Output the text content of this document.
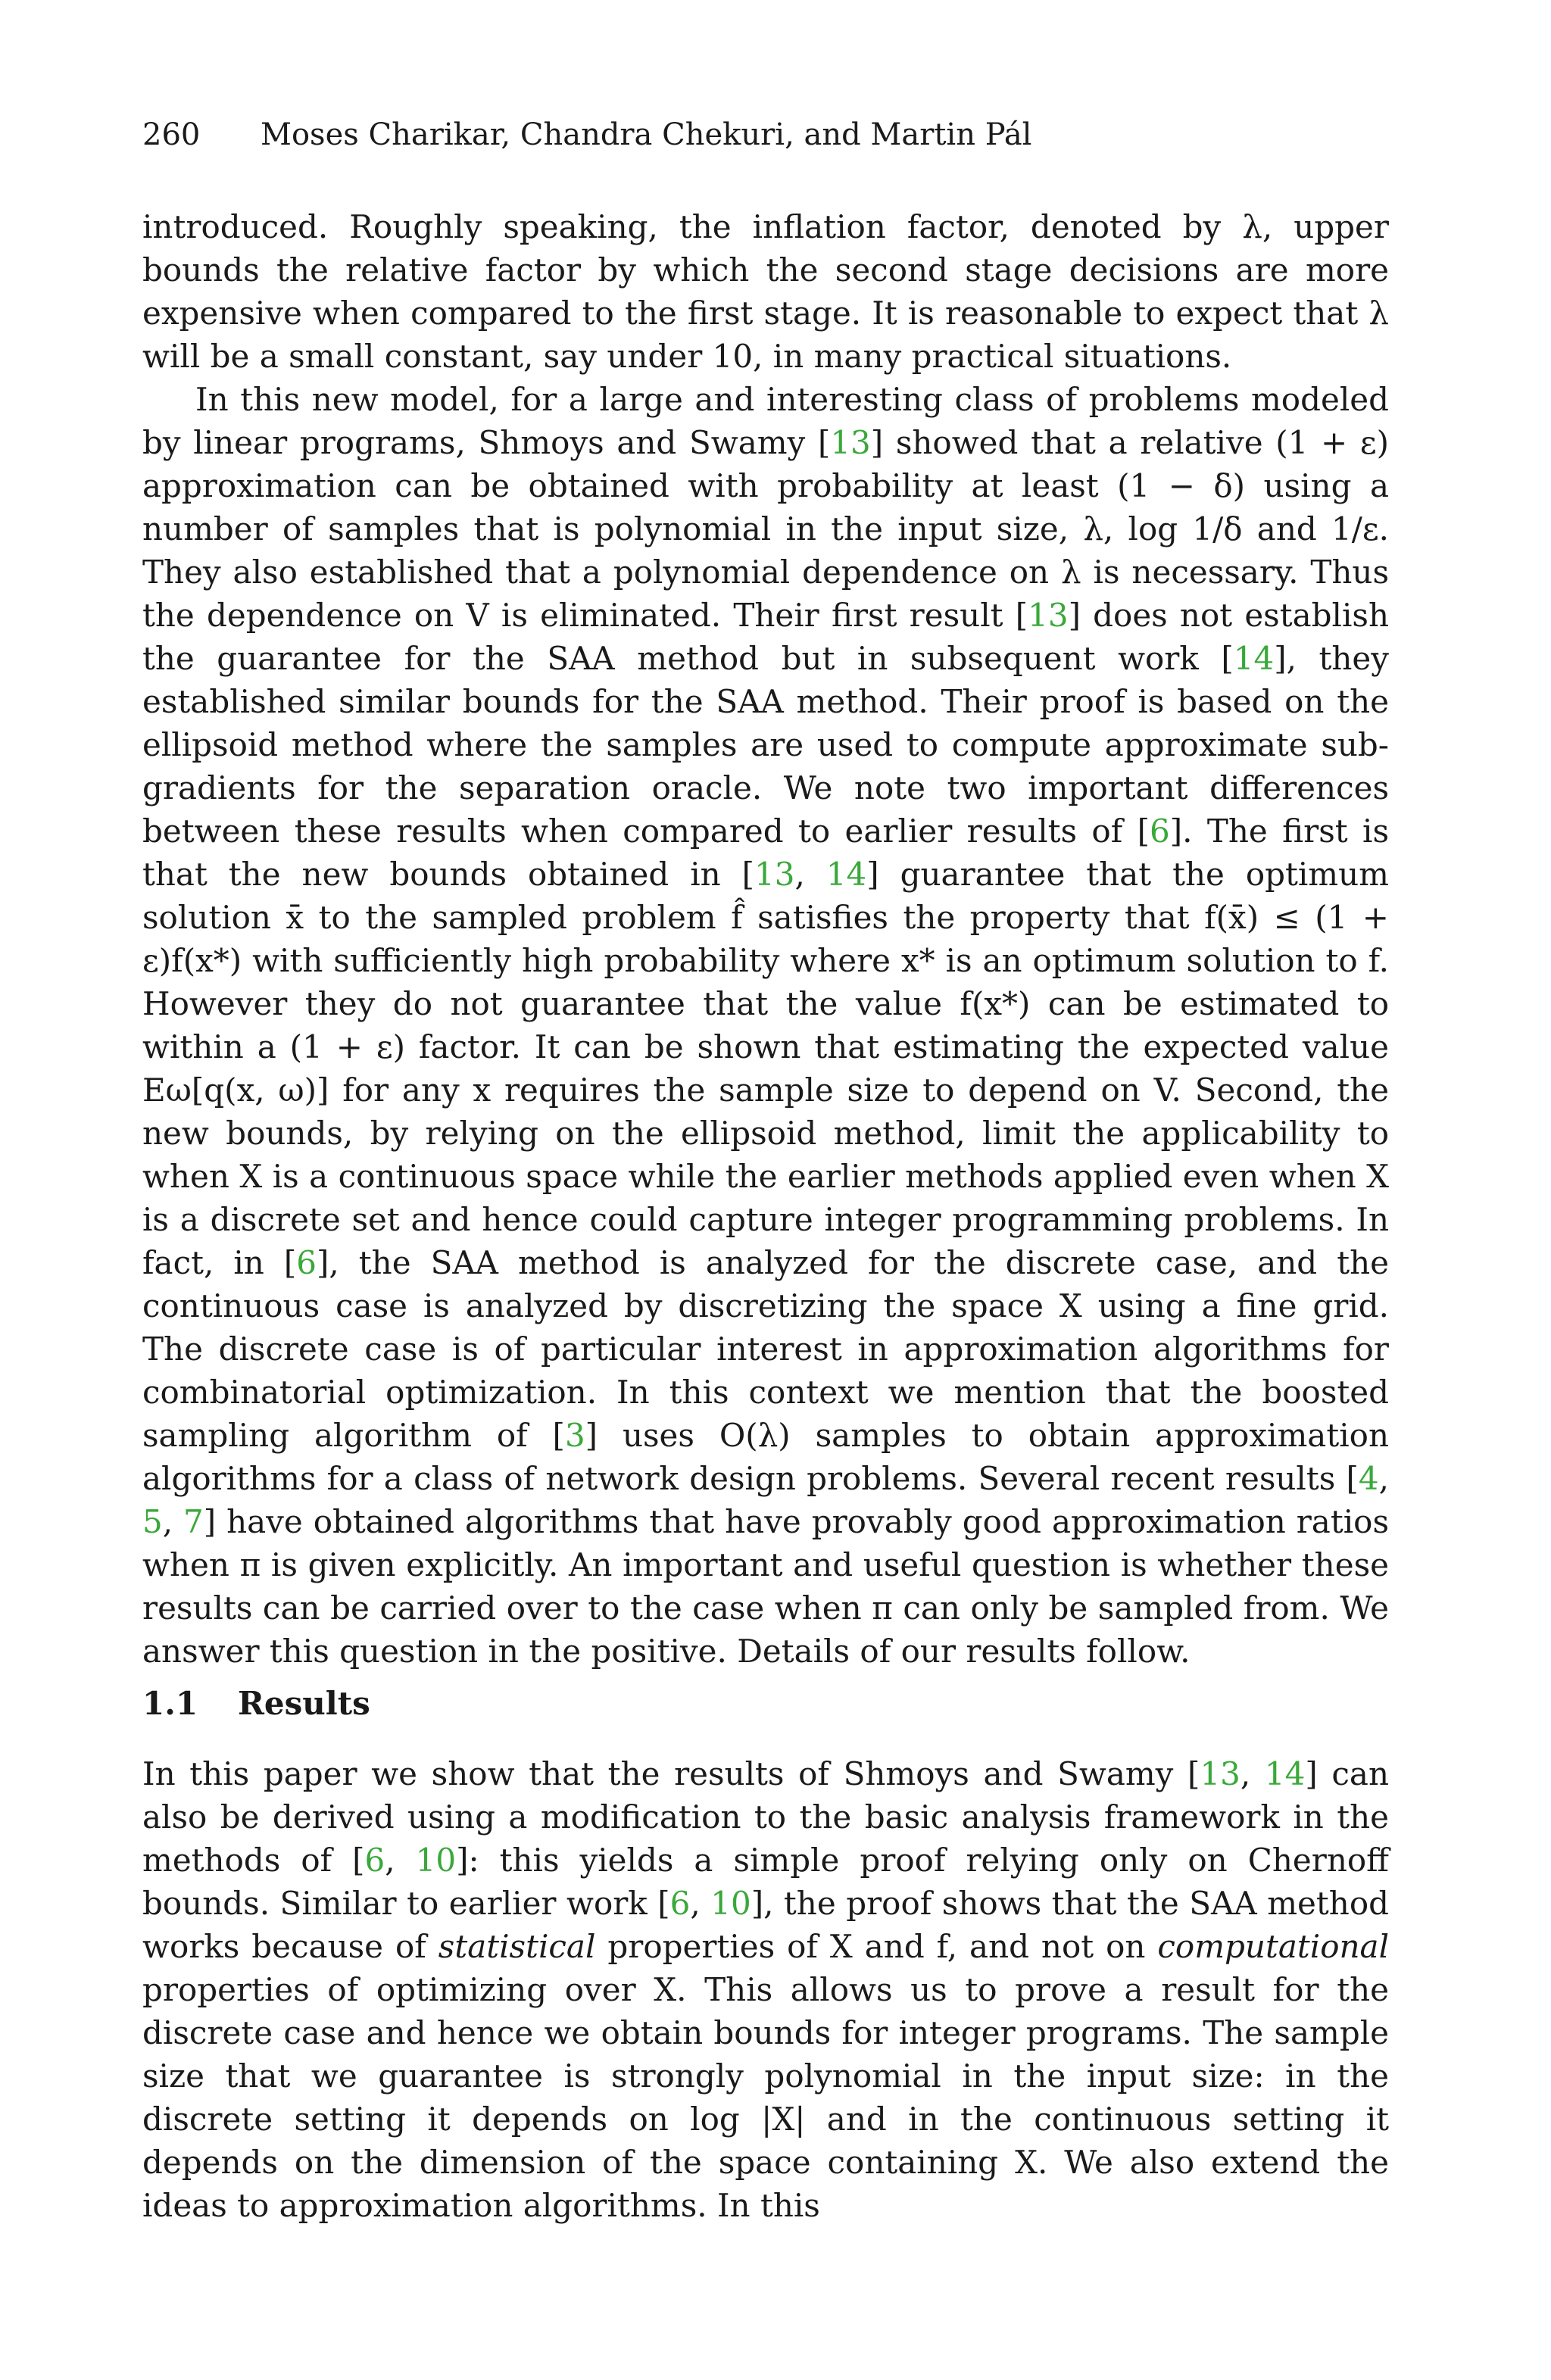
260 Moses Charikar, Chandra Chekuri, and Martin Pál

introduced. Roughly speaking, the inflation factor, denoted by λ, upper bounds the relative factor by which the second stage decisions are more expensive when compared to the first stage. It is reasonable to expect that λ will be a small constant, say under 10, in many practical situations.

In this new model, for a large and interesting class of problems modeled by linear programs, Shmoys and Swamy [13] showed that a relative (1 + ε) approximation can be obtained with probability at least (1 − δ) using a number of samples that is polynomial in the input size, λ, log 1/δ and 1/ε. They also established that a polynomial dependence on λ is necessary. Thus the dependence on V is eliminated. Their first result [13] does not establish the guarantee for the SAA method but in subsequent work [14], they established similar bounds for the SAA method. Their proof is based on the ellipsoid method where the samples are used to compute approximate sub-gradients for the separation oracle. We note two important differences between these results when compared to earlier results of [6]. The first is that the new bounds obtained in [13, 14] guarantee that the optimum solution x̄ to the sampled problem f̂ satisfies the property that f(x̄) ≤ (1 + ε)f(x*) with sufficiently high probability where x* is an optimum solution to f. However they do not guarantee that the value f(x*) can be estimated to within a (1 + ε) factor. It can be shown that estimating the expected value Eω[q(x, ω)] for any x requires the sample size to depend on V. Second, the new bounds, by relying on the ellipsoid method, limit the applicability to when X is a continuous space while the earlier methods applied even when X is a discrete set and hence could capture integer programming problems. In fact, in [6], the SAA method is analyzed for the discrete case, and the continuous case is analyzed by discretizing the space X using a fine grid. The discrete case is of particular interest in approximation algorithms for combinatorial optimization. In this context we mention that the boosted sampling algorithm of [3] uses O(λ) samples to obtain approximation algorithms for a class of network design problems. Several recent results [4, 5, 7] have obtained algorithms that have provably good approximation ratios when π is given explicitly. An important and useful question is whether these results can be carried over to the case when π can only be sampled from. We answer this question in the positive. Details of our results follow.

1.1 Results

In this paper we show that the results of Shmoys and Swamy [13, 14] can also be derived using a modification to the basic analysis framework in the methods of [6, 10]: this yields a simple proof relying only on Chernoff bounds. Similar to earlier work [6, 10], the proof shows that the SAA method works because of statistical properties of X and f, and not on computational properties of optimizing over X. This allows us to prove a result for the discrete case and hence we obtain bounds for integer programs. The sample size that we guarantee is strongly polynomial in the input size: in the discrete setting it depends on log |X| and in the continuous setting it depends on the dimension of the space containing X. We also extend the ideas to approximation algorithms. In this
